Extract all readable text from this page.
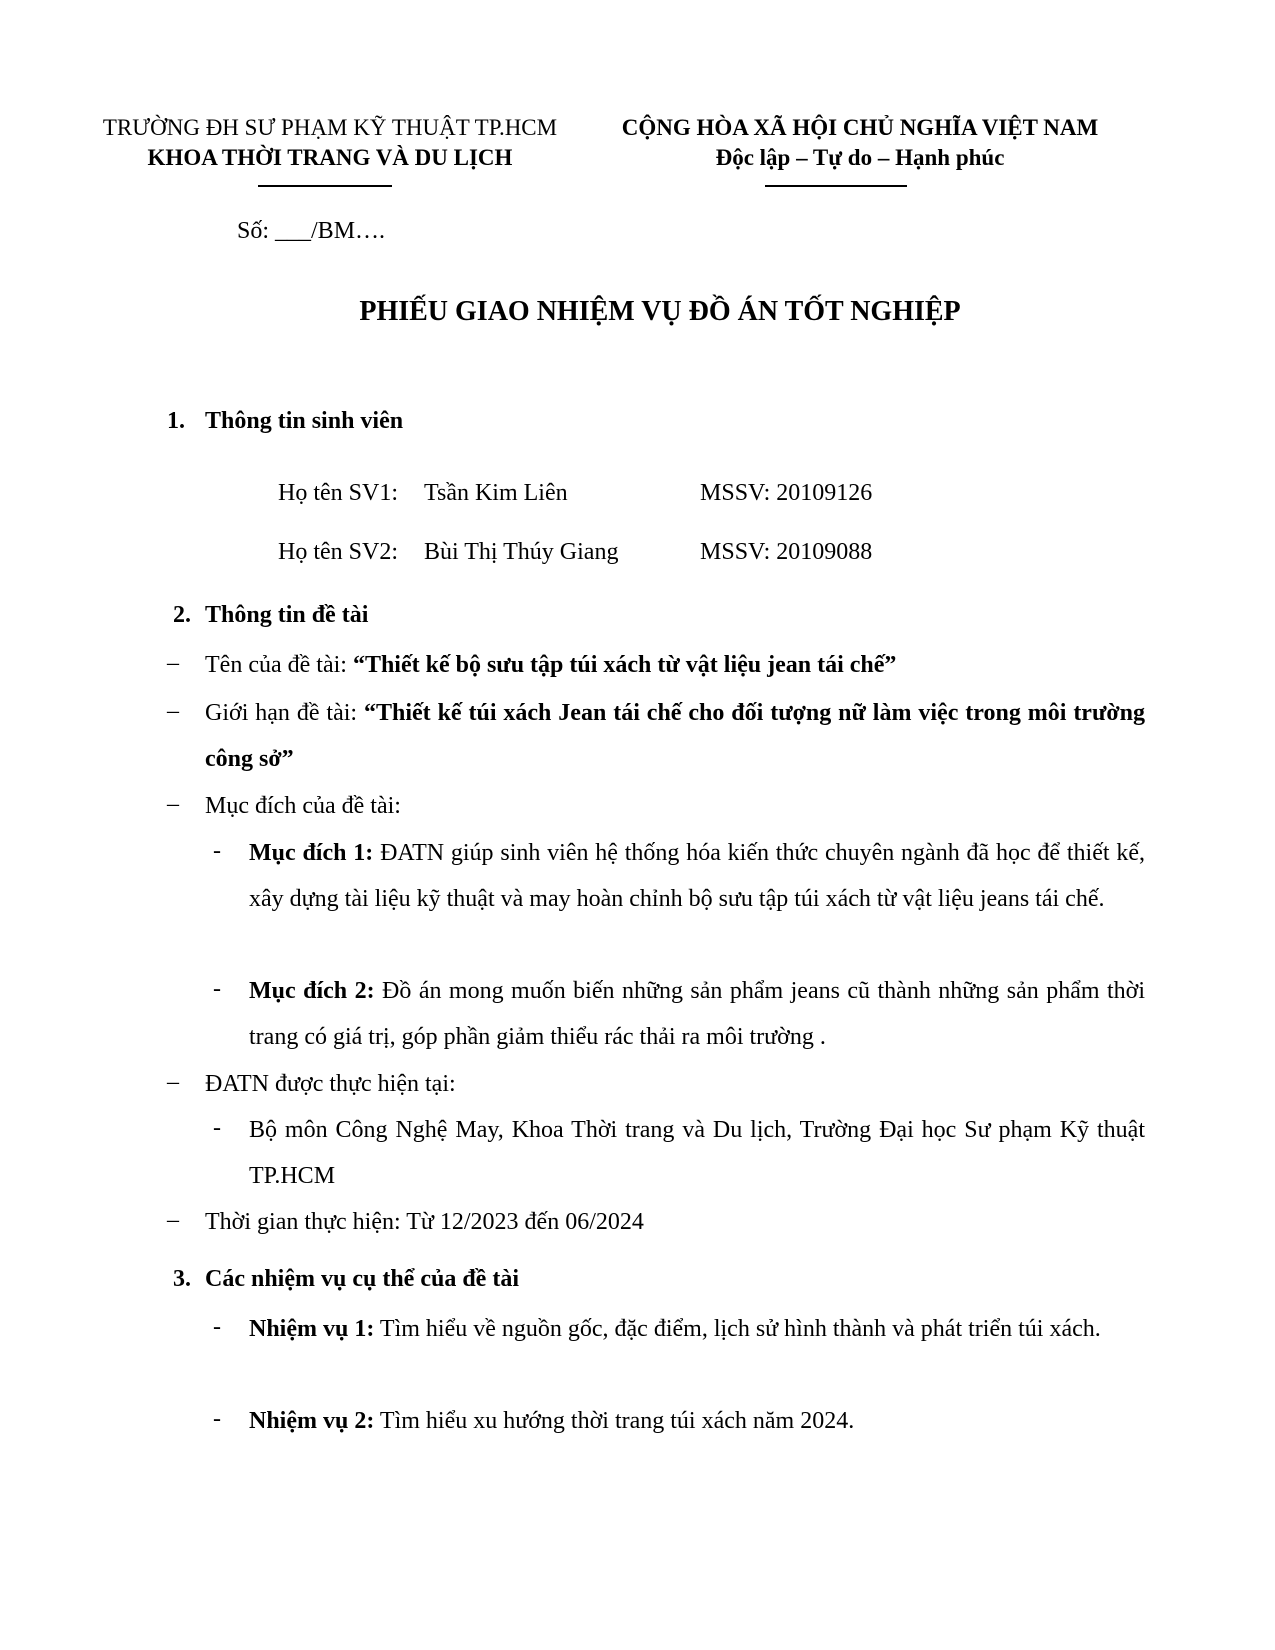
TRƯỜNG ĐH SƯ PHẠM KỸ THUẬT TP.HCM
KHOA THỜI TRANG VÀ DU LỊCH
CỘNG HÒA XÃ HỘI CHỦ NGHĨA VIỆT NAM
Độc lập – Tự do – Hạnh phúc
Số: ___/BM….
PHIẾU GIAO NHIỆM VỤ ĐỒ ÁN TỐT NGHIỆP
1. Thông tin sinh viên
Họ tên SV1: Tsần Kim Liên	MSSV: 20109126
Họ tên SV2: Bùi Thị Thúy Giang	MSSV: 20109088
2. Thông tin đề tài
– Tên của đề tài: “Thiết kế bộ sưu tập túi xách từ vật liệu jean tái chế”
– Giới hạn đề tài: “Thiết kế túi xách Jean tái chế cho đối tượng nữ làm việc trong môi trường công sở”
– Mục đích của đề tài:
- Mục đích 1: ĐATN giúp sinh viên hệ thống hóa kiến thức chuyên ngành đã học để thiết kế, xây dựng tài liệu kỹ thuật và may hoàn chỉnh bộ sưu tập túi xách từ vật liệu jeans tái chế.
- Mục đích 2: Đồ án mong muốn biến những sản phẩm jeans cũ thành những sản phẩm thời trang có giá trị, góp phần giảm thiểu rác thải ra môi trường .
– ĐATN được thực hiện tại:
- Bộ môn Công Nghệ May, Khoa Thời trang và Du lịch, Trường Đại học Sư phạm Kỹ thuật TP.HCM
– Thời gian thực hiện: Từ 12/2023 đến 06/2024
3. Các nhiệm vụ cụ thể của đề tài
- Nhiệm vụ 1: Tìm hiểu về nguồn gốc, đặc điểm, lịch sử hình thành và phát triển túi xách.
- Nhiệm vụ 2: Tìm hiểu xu hướng thời trang túi xách năm 2024.
